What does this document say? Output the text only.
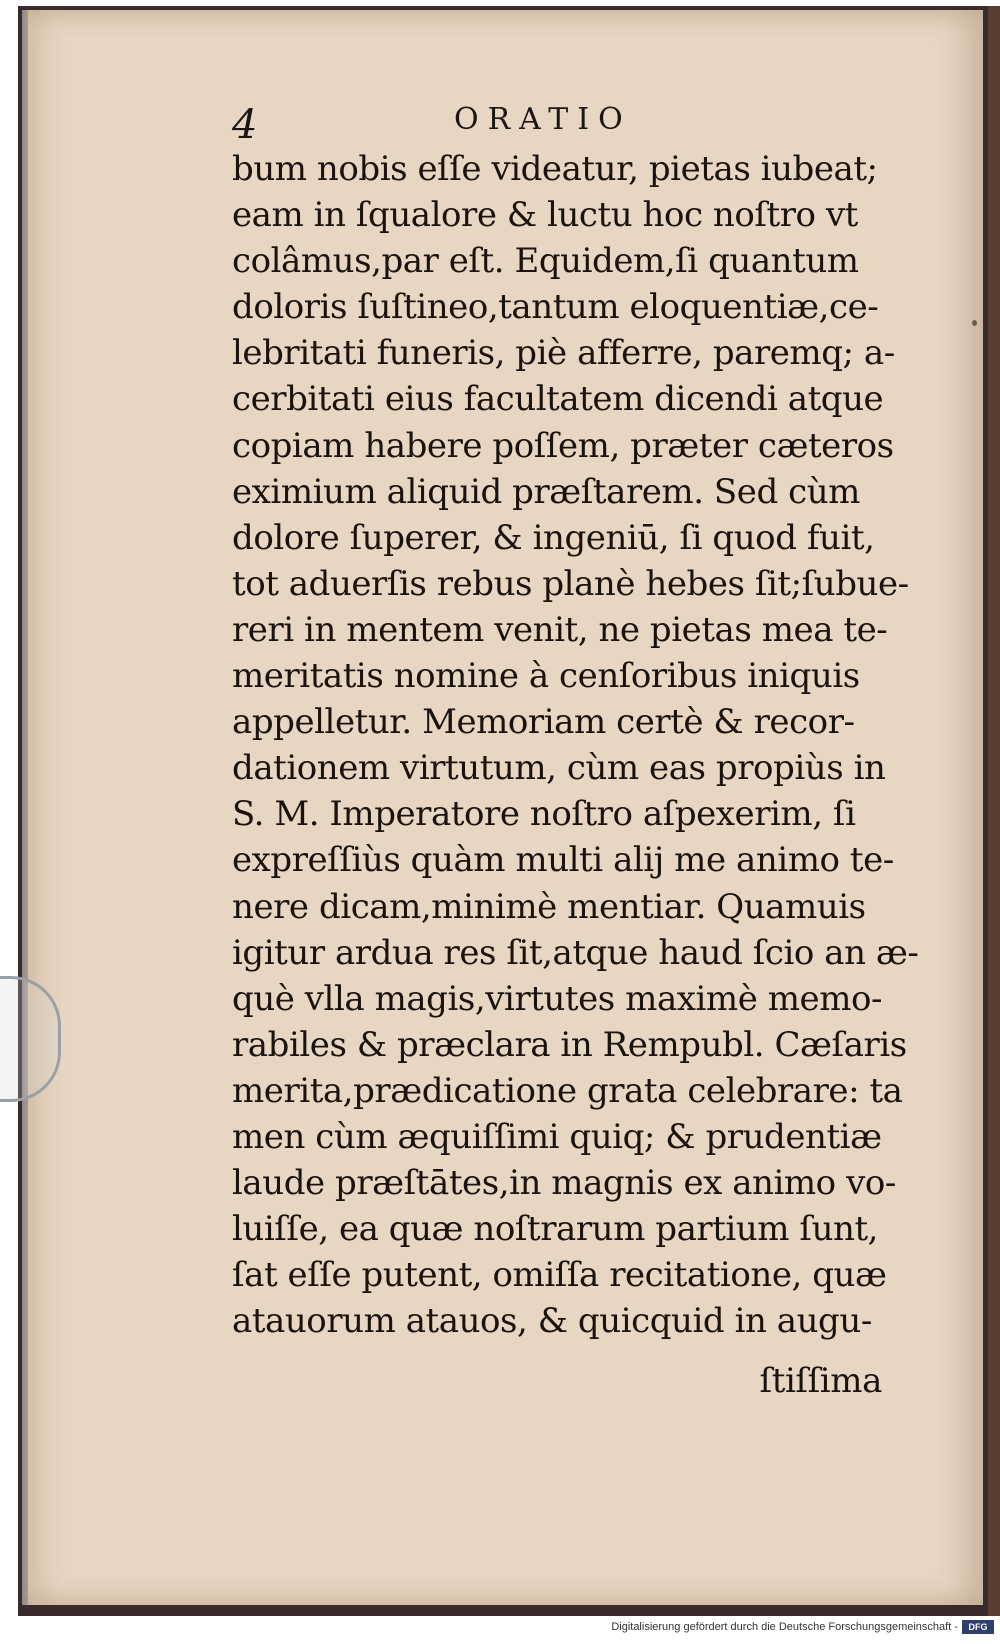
4	ORATIO
bum nobis eſſe videatur, pietas iubeat;
eam in ſqualore & luctu hoc noſtro vt
colâmus,par eſt. Equidem,ſi quantum
doloris ſuſtineo,tantum eloquentiæ,ce-
lebritati funeris, piè afferre, paremq; a-
cerbitati eius facultatem dicendi atque
copiam habere poſſem, præter cæteros
eximium aliquid præſtarem. Sed cùm
dolore ſuperer, & ingeniū, ſi quod fuit,
tot aduerſis rebus planè hebes ſit;ſubue-
reri in mentem venit, ne pietas mea te-
meritatis nomine à cenſoribus iniquis
appelletur. Memoriam certè & recor-
dationem virtutum, cùm eas propiùs in
S. M. Imperatore noſtro aſpexerim, ſi
expreſſiùs quàm multi alij me animo te-
nere dicam,minimè mentiar. Quamuis
igitur ardua res ſit,atque haud ſcio an æ-
què vlla magis,virtutes maximè memo-
rabiles & præclara in Rempubl. Cæſaris
merita,prædicatione grata celebrare: ta
men cùm æquiſſimi quiq; & prudentiæ
laude præſtātes,in magnis ex animo vo-
luiſſe, ea quæ noſtrarum partium ſunt,
ſat eſſe putent, omiſſa recitatione, quæ
atauorum atauos, & quicquid in augu-
ſtiſſima
Digitalisierung gefördert durch die Deutsche Forschungsgemeinschaft -	DFG
